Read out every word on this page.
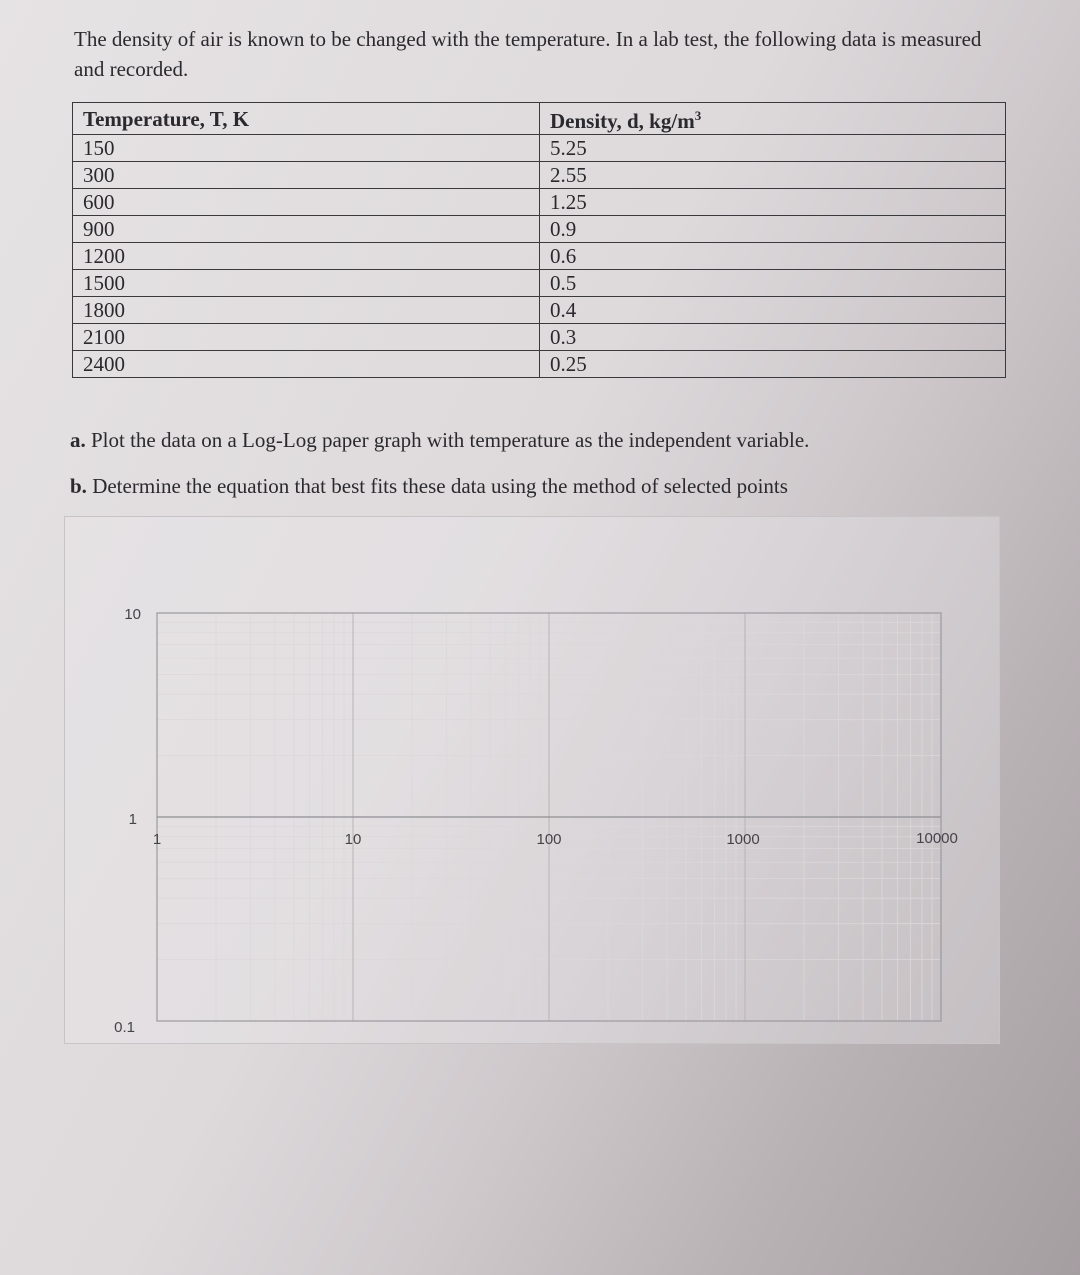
The density of air is known to be changed with the temperature. In a lab test, the following data is measured and recorded.

Temperature, T, K	Density, d, $kg/m^3$
150	5.25
300	2.55
600	1.25
900	0.9
1200	0.6
1500	0.5
1800	0.4
2100	0.3
2400	0.25

a. Plot the data on a Log-Log paper graph with temperature as the independent variable.

b. Determine the equation that best fits these data using the method of selected points

10
1
0.1
1	10	100	1000	10000
